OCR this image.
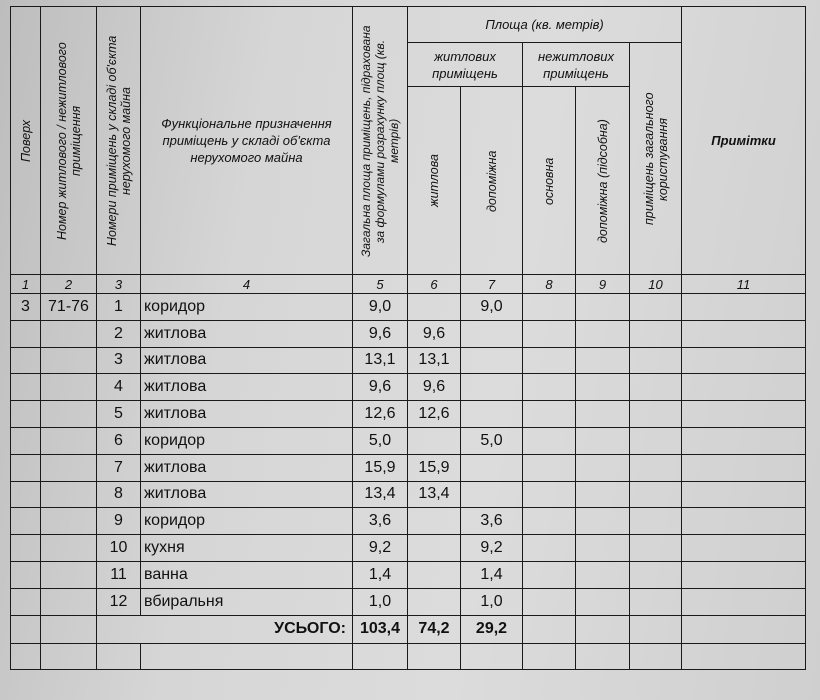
Поверх	Номер житлового / нежитлового приміщення	Номери приміщень у складі об'єкта нерухомого майна	Функціональне призначення приміщень у складі об'єкта нерухомого майна	Загальна площа приміщень, підрахована за формулами розрахунку площ (кв. метрів)	Площа (кв. метрів)					Примітки

					житлових приміщень		нежитлових приміщень		приміщень загального користування	

					житлова	допоміжна	основна	допоміжна (підсобна)		

1	2	3	4	5	6	7	8	9	10	11
3	71-76	1	коридор	9,0		9,0				
		2	житлова	9,6	9,6					
		3	житлова	13,1	13,1					
		4	житлова	9,6	9,6					
		5	житлова	12,6	12,6					
		6	коридор	5,0		5,0				
		7	житлова	15,9	15,9					
		8	житлова	13,4	13,4					
		9	коридор	3,6		3,6				
		10	кухня	9,2		9,2				
		11	ванна	1,4		1,4				
		12	вбиральня	1,0		1,0				
		УСЬОГО:		103,4	74,2	29,2				
